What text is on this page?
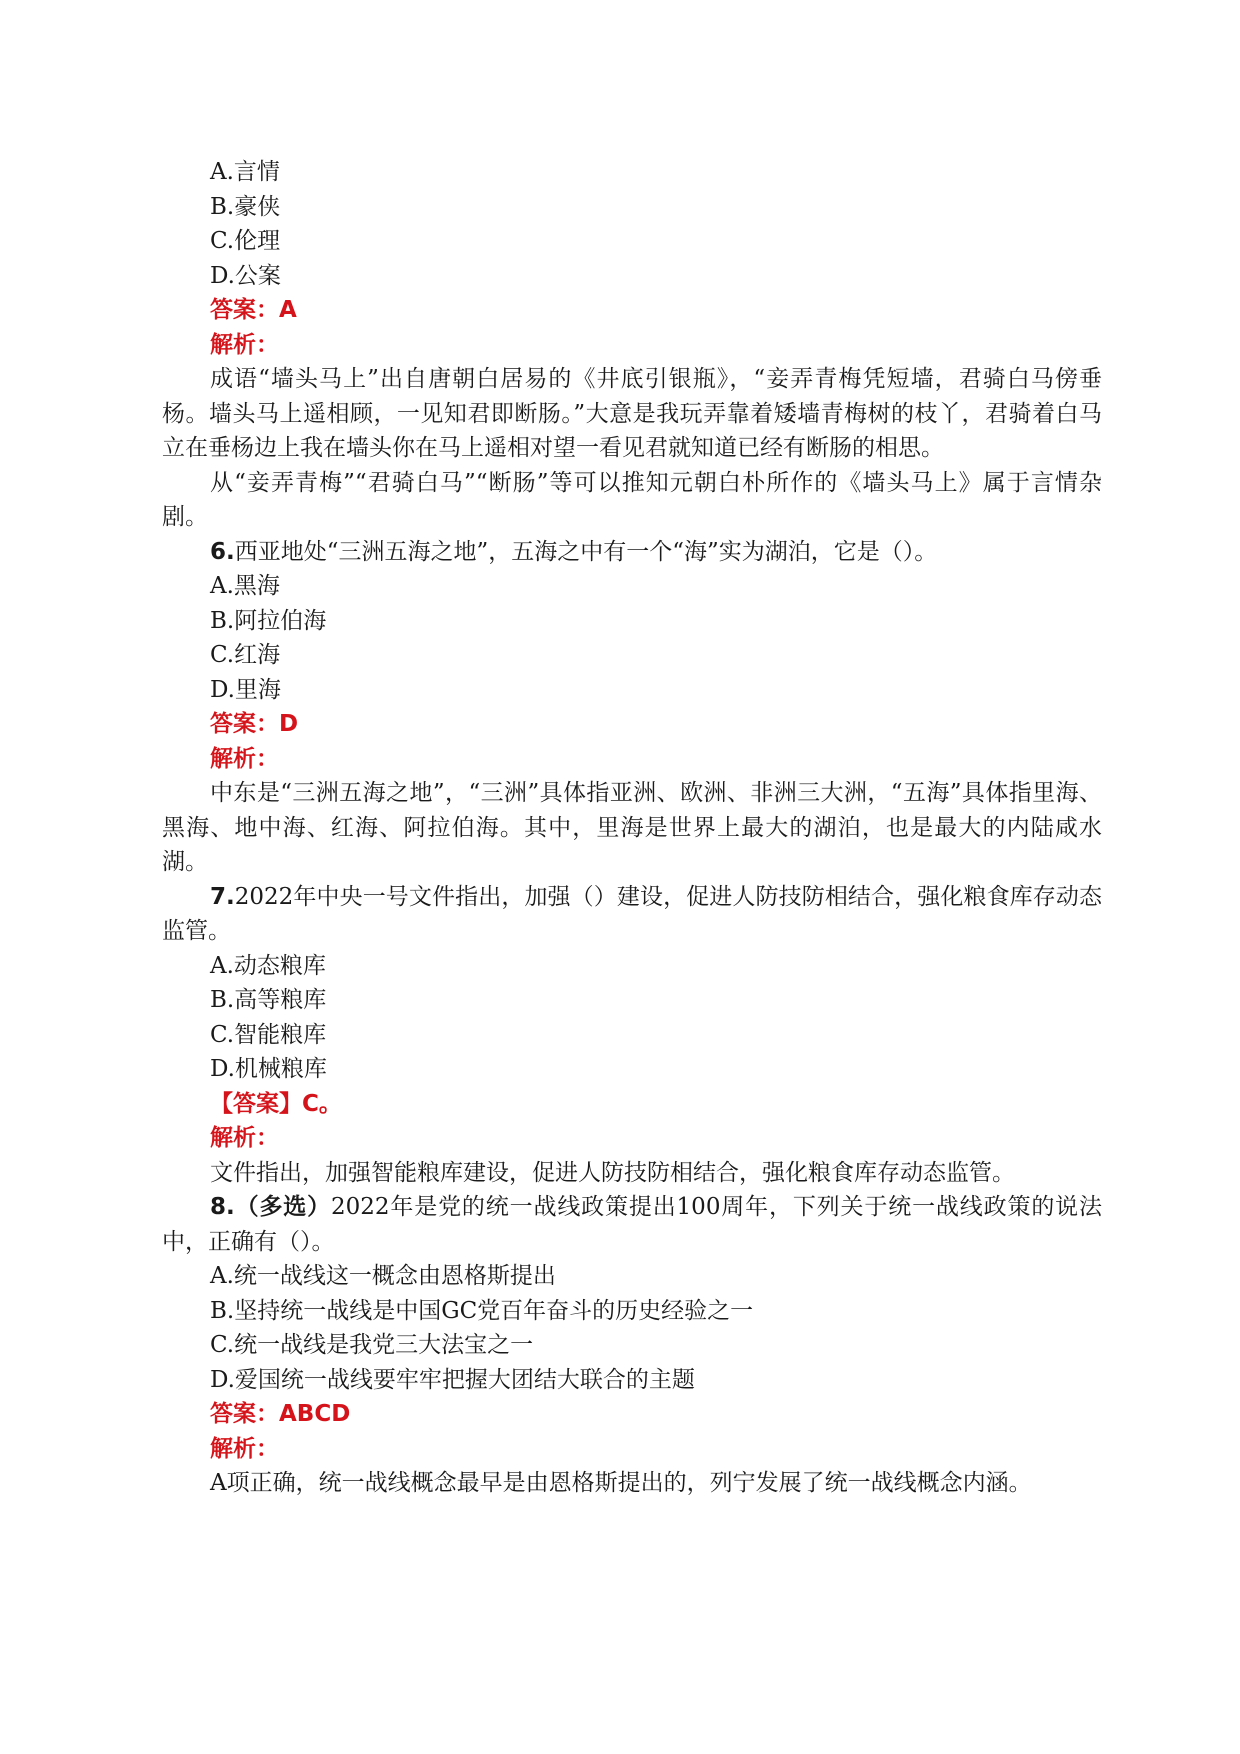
A.言情

B.豪侠

C.伦理

D.公案

答案：A

解析：

成语“墙头马上”出自唐朝白居易的《井底引银瓶》，“妾弄青梅凭短墙，君骑白马傍垂杨。墙头马上遥相顾，一见知君即断肠。”大意是我玩弄靠着矮墙青梅树的枝丫，君骑着白马立在垂杨边上我在墙头你在马上遥相对望一看见君就知道已经有断肠的相思。

从“妾弄青梅”“君骑白马”“断肠”等可以推知元朝白朴所作的《墙头马上》属于言情杂剧。

6.西亚地处“三洲五海之地”，五海之中有一个“海”实为湖泊，它是（）。

A.黑海

B.阿拉伯海

C.红海

D.里海

答案：D

解析：

中东是“三洲五海之地”，“三洲”具体指亚洲、欧洲、非洲三大洲，“五海”具体指里海、黑海、地中海、红海、阿拉伯海。其中，里海是世界上最大的湖泊，也是最大的内陆咸水湖。

7.2022年中央一号文件指出，加强（）建设，促进人防技防相结合，强化粮食库存动态监管。

A.动态粮库

B.高等粮库

C.智能粮库

D.机械粮库

【答案】C。

解析：

文件指出，加强智能粮库建设，促进人防技防相结合，强化粮食库存动态监管。

8.（多选）2022年是党的统一战线政策提出100周年，下列关于统一战线政策的说法中，正确有（）。

A.统一战线这一概念由恩格斯提出

B.坚持统一战线是中国GC党百年奋斗的历史经验之一

C.统一战线是我党三大法宝之一

D.爱国统一战线要牢牢把握大团结大联合的主题

答案：ABCD

解析：

A项正确，统一战线概念最早是由恩格斯提出的，列宁发展了统一战线概念内涵。
